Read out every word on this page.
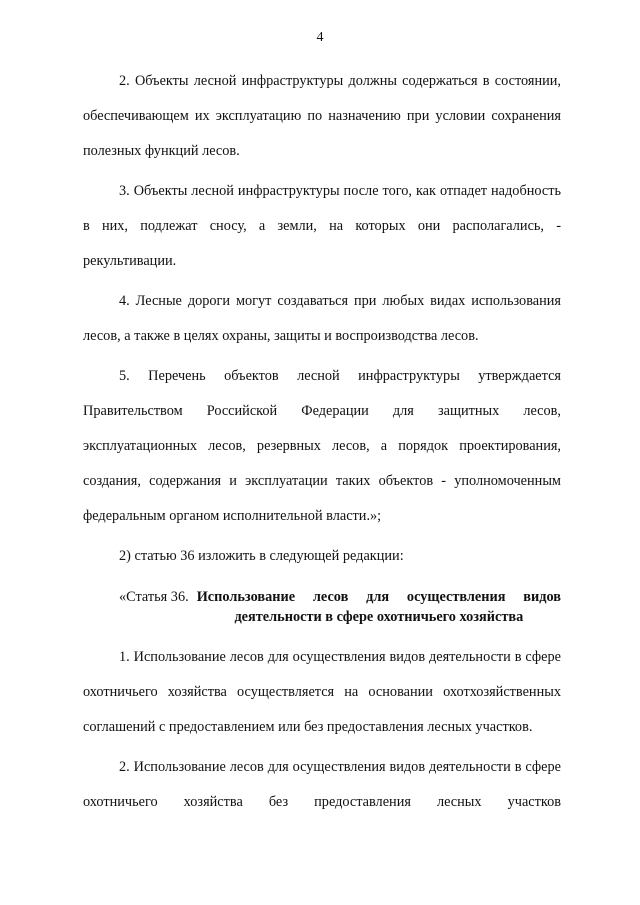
4

2. Объекты лесной инфраструктуры должны содержаться в состоянии, обеспечивающем их эксплуатацию по назначению при условии сохранения полезных функций лесов.

3. Объекты лесной инфраструктуры после того, как отпадет надобность в них, подлежат сносу, а земли, на которых они располагались, - рекультивации.

4. Лесные дороги могут создаваться при любых видах использования лесов, а также в целях охраны, защиты и воспроизводства лесов.

5. Перечень объектов лесной инфраструктуры утверждается Правительством Российской Федерации для защитных лесов, эксплуатационных лесов, резервных лесов, а порядок проектирования, создания, содержания и эксплуатации таких объектов - уполномоченным федеральным органом исполнительной власти.»;

2) статью 36 изложить в следующей редакции:

«Статья 36. Использование лесов для осуществления видов деятельности в сфере охотничьего хозяйства

1. Использование лесов для осуществления видов деятельности в сфере охотничьего хозяйства осуществляется на основании охотхозяйственных соглашений с предоставлением или без предоставления лесных участков.

2. Использование лесов для осуществления видов деятельности в сфере охотничьего хозяйства без предоставления лесных участков
